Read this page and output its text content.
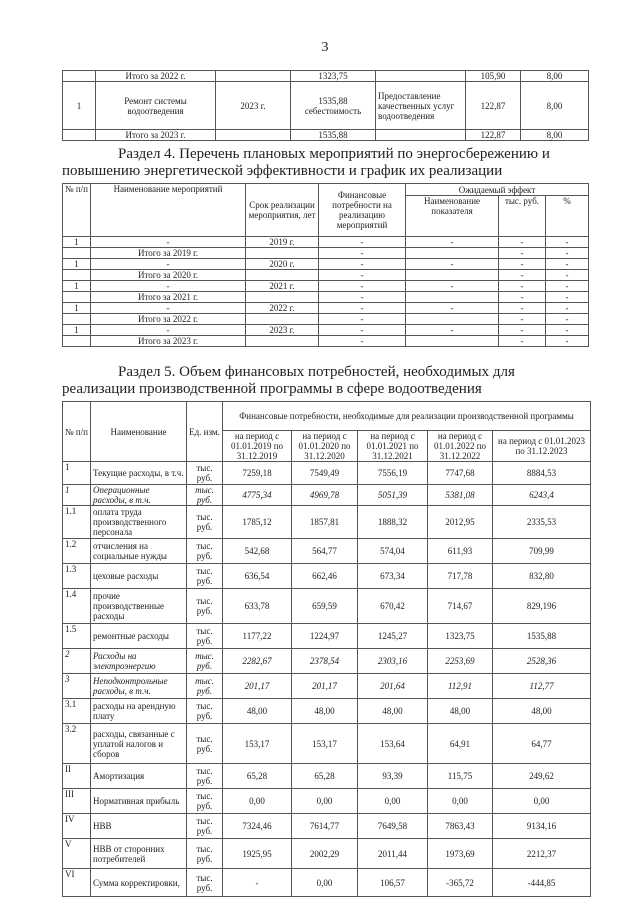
3
	Итого за 2022 г.		1323,75		105,90	8,00
1	Ремонт системы водоотведения	2023 г.	1535,88 себестоимость	Предоставление качественных услуг водоотведения	122,87	8,00
	Итого за 2023 г.		1535,88		122,87	8,00
Раздел 4. Перечень плановых мероприятий по энергосбережению и
повышению энергетической эффективности и график их реализации
№ п/п	Наименование мероприятий	Срок реализации мероприятия, лет	Финансовые потребности на реализацию мероприятий	Ожидаемый эффект		
				Наименование показателя	тыс. руб.	%
1	-	2019 г.	-	-	-	-
	Итого за 2019 г.		-		-	-
1	-	2020 г.	-	-	-	-
	Итого за 2020 г.		-		-	-
1	-	2021 г.	-	-	-	-
	Итого за 2021 г.		-		-	-
1	-	2022 г.	-	-	-	-
	Итого за 2022 г.		-		-	-
1	-	2023 г.	-	-	-	-
	Итого за 2023 г.		-		-	-
Раздел 5. Объем финансовых потребностей, необходимых для
реализации производственной программы в сфере водоотведения
№ п/п	Наименование	Ед. изм.	Финансовые потребности, необходимые для реализации производственной программы				
			на период с 01.01.2019 по 31.12.2019	на период с 01.01.2020 по 31.12.2020	на период с 01.01.2021 по 31.12.2021	на период с 01.01.2022 по 31.12.2022	на период с 01.01.2023 по 31.12.2023
1	Текущие расходы, в т.ч.	тыс. руб.	7259,18	7549,49	7556,19	7747,68	8884,53
1	Операционные расходы, в т.ч.	тыс. руб.	4775,34	4969,78	5051,39	5381,08	6243,4
1.1	оплата труда производственного персонала	тыс. руб.	1785,12	1857,81	1888,32	2012,95	2335,53
1.2	отчисления на социальные нужды	тыс. руб.	542,68	564,77	574,04	611,93	709,99
1.3	цеховые расходы	тыс. руб.	636,54	662,46	673,34	717,78	832,80
1.4	прочие производственные расходы	тыс. руб.	633,78	659,59	670,42	714,67	829,196
1.5	ремонтные расходы	тыс. руб.	1177,22	1224,97	1245,27	1323,75	1535,88
2	Расходы на электроэнергию	тыс. руб.	2282,67	2378,54	2303,16	2253,69	2528,36
3	Неподконтрольные расходы, в т.ч.	тыс. руб.	201,17	201,17	201,64	112,91	112,77
3.1	расходы на арендную плату	тыс. руб.	48,00	48,00	48,00	48,00	48,00
3.2	расходы, связанные с уплатой налогов и сборов	тыс. руб.	153,17	153,17	153,64	64,91	64,77
II	Амортизация	тыс. руб.	65,28	65,28	93,39	115,75	249,62
III	Нормативная прибыль	тыс. руб.	0,00	0,00	0,00	0,00	0,00
IV	НВВ	тыс. руб.	7324,46	7614,77	7649,58	7863,43	9134,16
V	НВВ от сторонних потребителей	тыс. руб.	1925,95	2002,29	2011,44	1973,69	2212,37
VI	Сумма корректировки,	тыс. руб.	-	0,00	106,57	-365,72	-444,85
